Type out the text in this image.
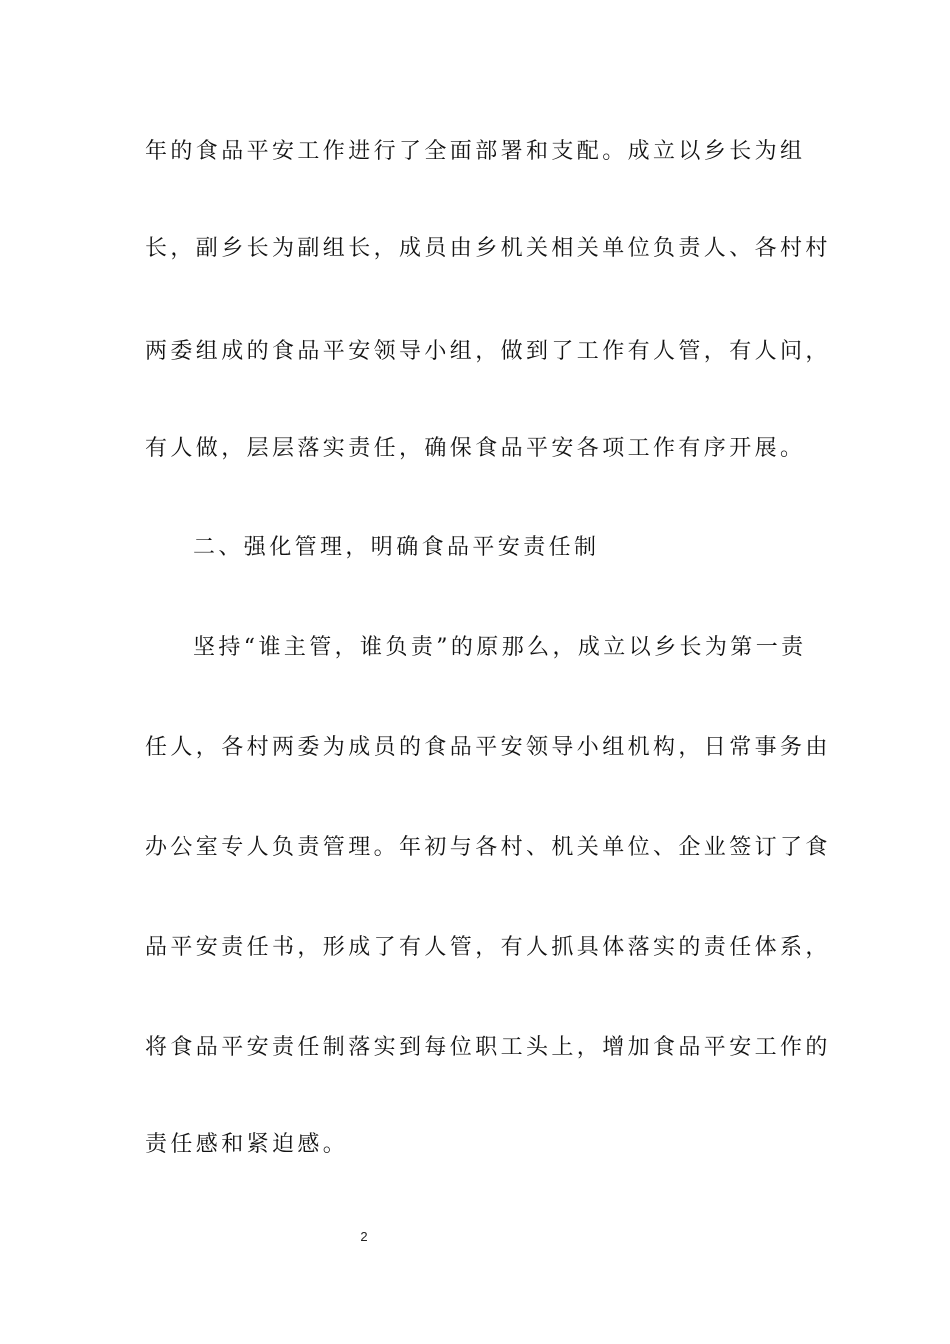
年的食品平安工作进行了全面部署和支配。成立以乡长为组
长，副乡长为副组长，成员由乡机关相关单位负责人、各村村
两委组成的食品平安领导小组，做到了工作有人管，有人问，
有人做，层层落实责任，确保食品平安各项工作有序开展。
二、强化管理，明确食品平安责任制
坚持“谁主管，谁负责”的原那么，成立以乡长为第一责
任人，各村两委为成员的食品平安领导小组机构，日常事务由
办公室专人负责管理。年初与各村、机关单位、企业签订了食
品平安责任书，形成了有人管，有人抓具体落实的责任体系，
将食品平安责任制落实到每位职工头上，增加食品平安工作的
责任感和紧迫感。
2
